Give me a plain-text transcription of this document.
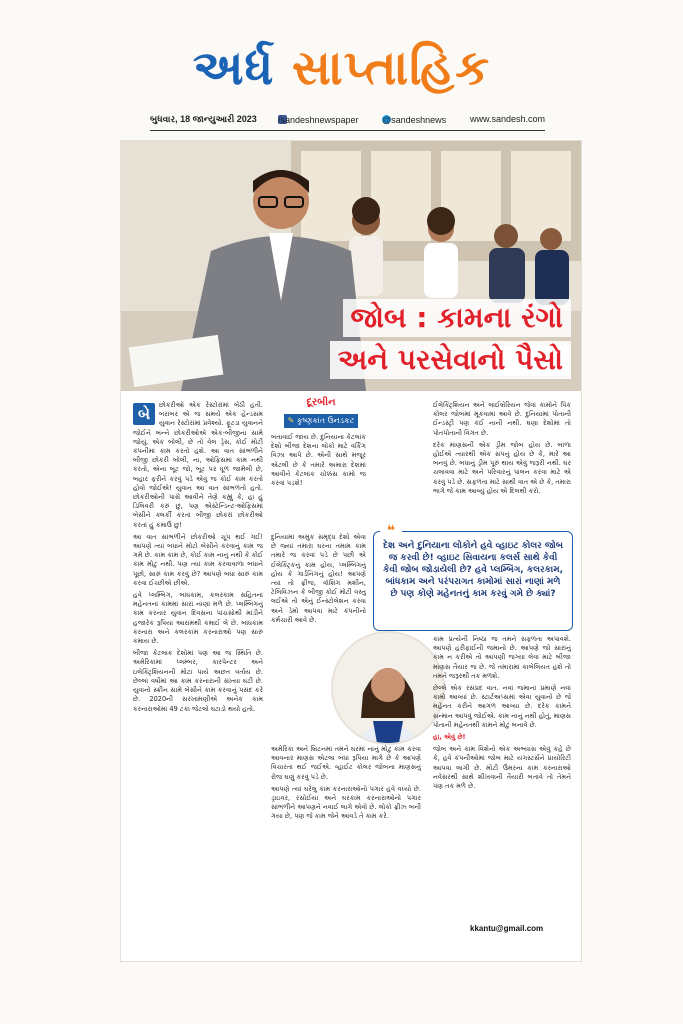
અર્ધ સાપ્તાહિક
બુધવાર, 18 જાન્યુઆરી 2023 /sandeshnewspaper	@sandeshnews	www.sandesh.com
જોબ : કામના રંગો
અને પરસેવાનો પૈસો
બે	છોકરીઓ એક રેસ્ટોરાંમાં બેઠી હતી. બરાબર એ જ સમયે એક હેન્ડસમ યુવાન રેસ્ટોરાંમાં પ્રવેશ્યો. ફૂટડા યુવાનને જોઈને બન્ને છોકરીઓએ એક-બીજીના સામે જોયું. એક બોલી, છે તો વેલ ડ્રેસ, કોઈ મોટી કંપનીમાં કામ કરતો હશે. આ વાત સાંભળીને બીજી છોકરી બોલી, ના, ઓફિસમાં કામ નથી કરતો, એના બૂટ જો, બૂટ પર ધૂળ જામેલી છે, બહાર ફરીને કરવું પડે એવું જ કોઈ કામ કરતો હોવો જોઈએ! યુવાન આ વાત સાંભળતો હતો. છોકરીઓની પાસે આવીને તેણે કહ્યું કે, હા હું ડિલિવરી કરું છું, પણ એસ્ટેન્ડિન્ટ-ઓફિસમાં બેસીને ક્લર્કી કરતાં બીજી છોકરાં છોકરીઓ કરતાં હું કમાઉં છું!

આ વાત સાંભળીને છોકરીઓ ચૂપ થઈ ગઈ! આપણે ત્યાં બધાને મોટો બેસીને કરવાનું કામ જ ગમે છે. કામ કામ છે, કોઈ કામ નાનું નથી કે કોઈ કામ મોટું નથી. પણ ત્યાં કામ કરવાવાળા બધાને પૂછો, સારું કામ કરવું છે? આપણે બધા સારું કામ કરવા ઈચ્છીએ છીએ.

હવે પ્લમ્બિંગ, બાંધકામ, કલરકામ સહિતનાં મહેનતનાં કામમાં સારાં નાણાં મળે છે. પ્લમ્બિંગનું કામ કરનાર યુવાન દિવસના પાંચસોથી માંડીને હજારેક રૂપિયા આરામથી કમાઈ લે છે. બાંધકામ કરનારા અને કલરકામ કરનારાઓ પણ સારું કમાય છે.

બીજા કેટલાક દેશોમાં પણ આ જ સ્થિતિ છે. અમેરિકામાં પ્લમ્બર, કારપેન્ટર અને ઇલેક્ટ્રિશિયનની મોટા પાયે અછત વર્તાય છે. છેલ્લાં વર્ષોમાં આ કામ કરનારાની સંખ્યા ઘટી છે. યુવાનો સ્ક્રીન સામે બેસીને કામ કરવાનું પસંદ કરે છે. 2020ની સરખામણીએ અનેક કામ કરનારાઓમાં 49 ટકા જેટલો ઘટાડો થયો હતો.

દૂરબીન
✎ કૃષ્ણકાંત ઉનડકટ

બતાવાઈ જાય છે. દુનિયાના કેટલાંક દેશો બીજા દેશના લોકો માટે વર્કિંગ વિઝા આપે છે. એની સાથે મજૂર એટલી છે કે તમારે અમારા દેશમાં આવીને કેટલાંક ચોક્કસ કામો જ કરવાં પડશે!

દુનિયામાં અમુક સમૃદ્ધ દેશો એવા છે જ્યાં તમારા ઘરના તમામ કામ તમારે જ કરવાં પડે છે પછી એ ઈલેક્ટ્રિકનું કામ હોય, પ્લમ્બિંગનું હોય કે ગાર્ડનિંગનું હોય! આપણે ત્યાં તો ફ્રીજ, વૉશિંગ મશીન, ટેલિવિઝન કે બીજી કોઈ મોટી વસ્તુ લઈએ તો એનું ઈન્સ્ટોલેશન કરવા અને ડેમો આપવા માટે કંપનીનો કર્મચારી આવે છે.

અમેરિકા અને બ્રિટનમાં તમને ઘરમાં નાનું મોટું કામ કરવા આવનાર માણસ એટલા બધા રૂપિયા માગે છે કે આપણે વિચારતા થઈ જઈએ. વ્હાઈટ કોલર જોબના માણસનું રોજ ઘણું કરવું પડે છે.

આપણે ત્યાં ઘરેલુ કામ કરનારાઓનો પગાર હવે વધ્યો છે. ડ્રાઇવર, રસોઈયા અને ઘરકામ કરનારાઓનો પગાર સાંભળીને આપણને નવાઈ લાગે એવો છે. લોકો ફ્રીઝ બની ગયા છે, પણ જે કામ જેને આવડે તે કામ કરે.

❝
દેશ અને દુનિયાના લોકોને હવે વ્હાઇટ કોલર જોબ જ કરવી છે! વ્હાઇટ સિવાયના કલર્સ સાથે કેવી કેવી જોબ જોડાયેલી છે? હવે પ્લમ્બિંગ, કલરકામ, બાંધકામ અને પરંપરાગત કામોમાં સારાં નાણાં મળે છે પણ કોણે મહેનતનું કામ કરવું ગમે છે ક્યાં?

ઈલેક્ટ્રિશિયન અને લાઈબ્રેરિયન જેવાં કામોને પિંક કોલર જોબમાં મૂકવામાં આવે છે. દુનિયામાં પોતાની ઈન્ડસ્ટ્રી પણ કંઈ નાની નથી. ઘણા દેશોમાં તો પોતપોતાની વિગત છે.

દરેક માણસની એક ડ્રીમ જોબ હોય છે. બાળા હોઈએ ત્યારથી એક સપનું હોય છે કે, મારે આ બનવું છે. બધાનું ડ્રીમ પૂરું થાય એવું જરૂરી નથી. ઘર ચલાવવા માટે અને પરિવારનું પાલન કરવા માટે એ કરવું પડે છે. સફળતા માટે સાથી વાત એ છે કે, તમારા ભાગે જે કામ આવ્યું હોય એ દિલથી કરો.

કામ પ્રત્યેની નિષ્ઠા જ તમને સફળતા અપાવશે. આપણે હરીફાઈની જમાનો છે. આપણે જો સારાંનું કામ ન કરીએ તો આપણી જગ્યા લેવા માટે બીજા માણસ તૈયાર જ છે. જે તમારામાં કાબેલિયત હશે તો તમને જરૂરથી તક મળશે.

છેલ્લે એક રસપ્રદ વાત. નવાં જમાનાં પ્રમાણે નવાં કામો આવ્યાં છે. સ્ટાર્ટઅપ્સમાં એવા યુવાનો છે જે મહેનત કરીને આગળ આવ્યા છે. દરેક કામને સન્માન આપવું જોઈએ. કામ નાનું નથી હોતું, માણસ પોતાની મહેનતથી કામને મોટું બનાવે છે.

હા, એવું છે!

જોબ અને કામ વિશેનો એક અભ્યાસ એવું કહે છે કે, હવે કંપનીઓમાં જોબ માટે યંગસ્ટર્સને પ્રાયોરિટી આપવા લાગી છે. મોટી ઉંમરના કામ કરનારાઓ નવેસરથી સાથે શીખવાની તૈયારી બતાવે તો તેમને પણ તક મળે છે.

kkantu@gmail.com
